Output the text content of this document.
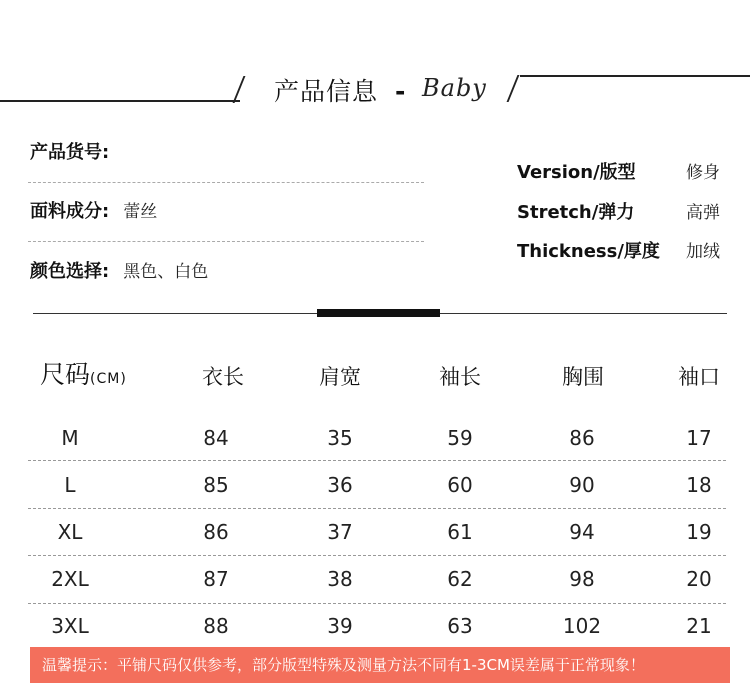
产品信息 - Baby
产品货号:
面料成分: 蕾丝
颜色选择: 黑色、白色
Version/版型	修身
Stretch/弹力	高弹
Thickness/厚度 加绒
尺码(CM)	衣长	肩宽	袖长	胸围	袖口
M	84	35	59	86	17
L	85	36	60	90	18
XL	86	37	61	94	19
2XL	87	38	62	98	20
3XL	88	39	63	102	21
温馨提示：平铺尺码仅供参考，部分版型特殊及测量方法不同有1-3CM误差属于正常现象！
